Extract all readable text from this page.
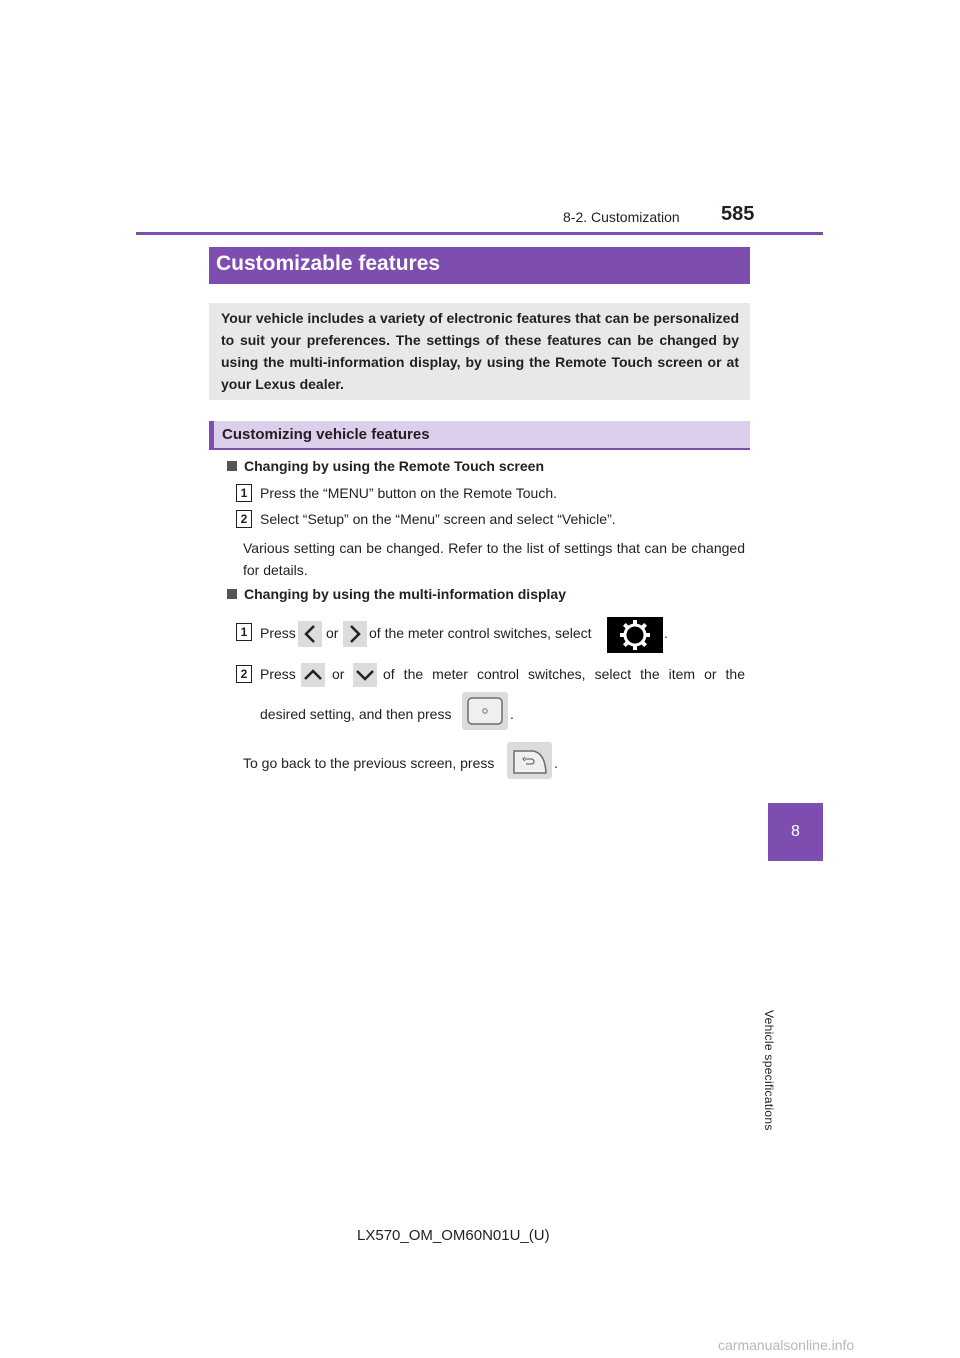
8-2. Customization 585
Customizable features

Your vehicle includes a variety of electronic features that can be personalized to suit your preferences. The settings of these features can be changed by using the multi-information display, by using the Remote Touch screen or at your Lexus dealer.

Customizing vehicle features
Changing by using the Remote Touch screen
1 Press the “MENU” button on the Remote Touch.
2 Select “Setup” on the “Menu” screen and select “Vehicle”.

Various setting can be changed. Refer to the list of settings that can be changed for details.

Changing by using the multi-information display
1 Press or of the meter control switches, select	.
2 Press	or	of the meter control switches, select the item or the
desired setting, and then press	.
To go back to the previous screen, press	.
8
Vehicle specifications
LX570_OM_OM60N01U_(U)
carmanualsonline.info
